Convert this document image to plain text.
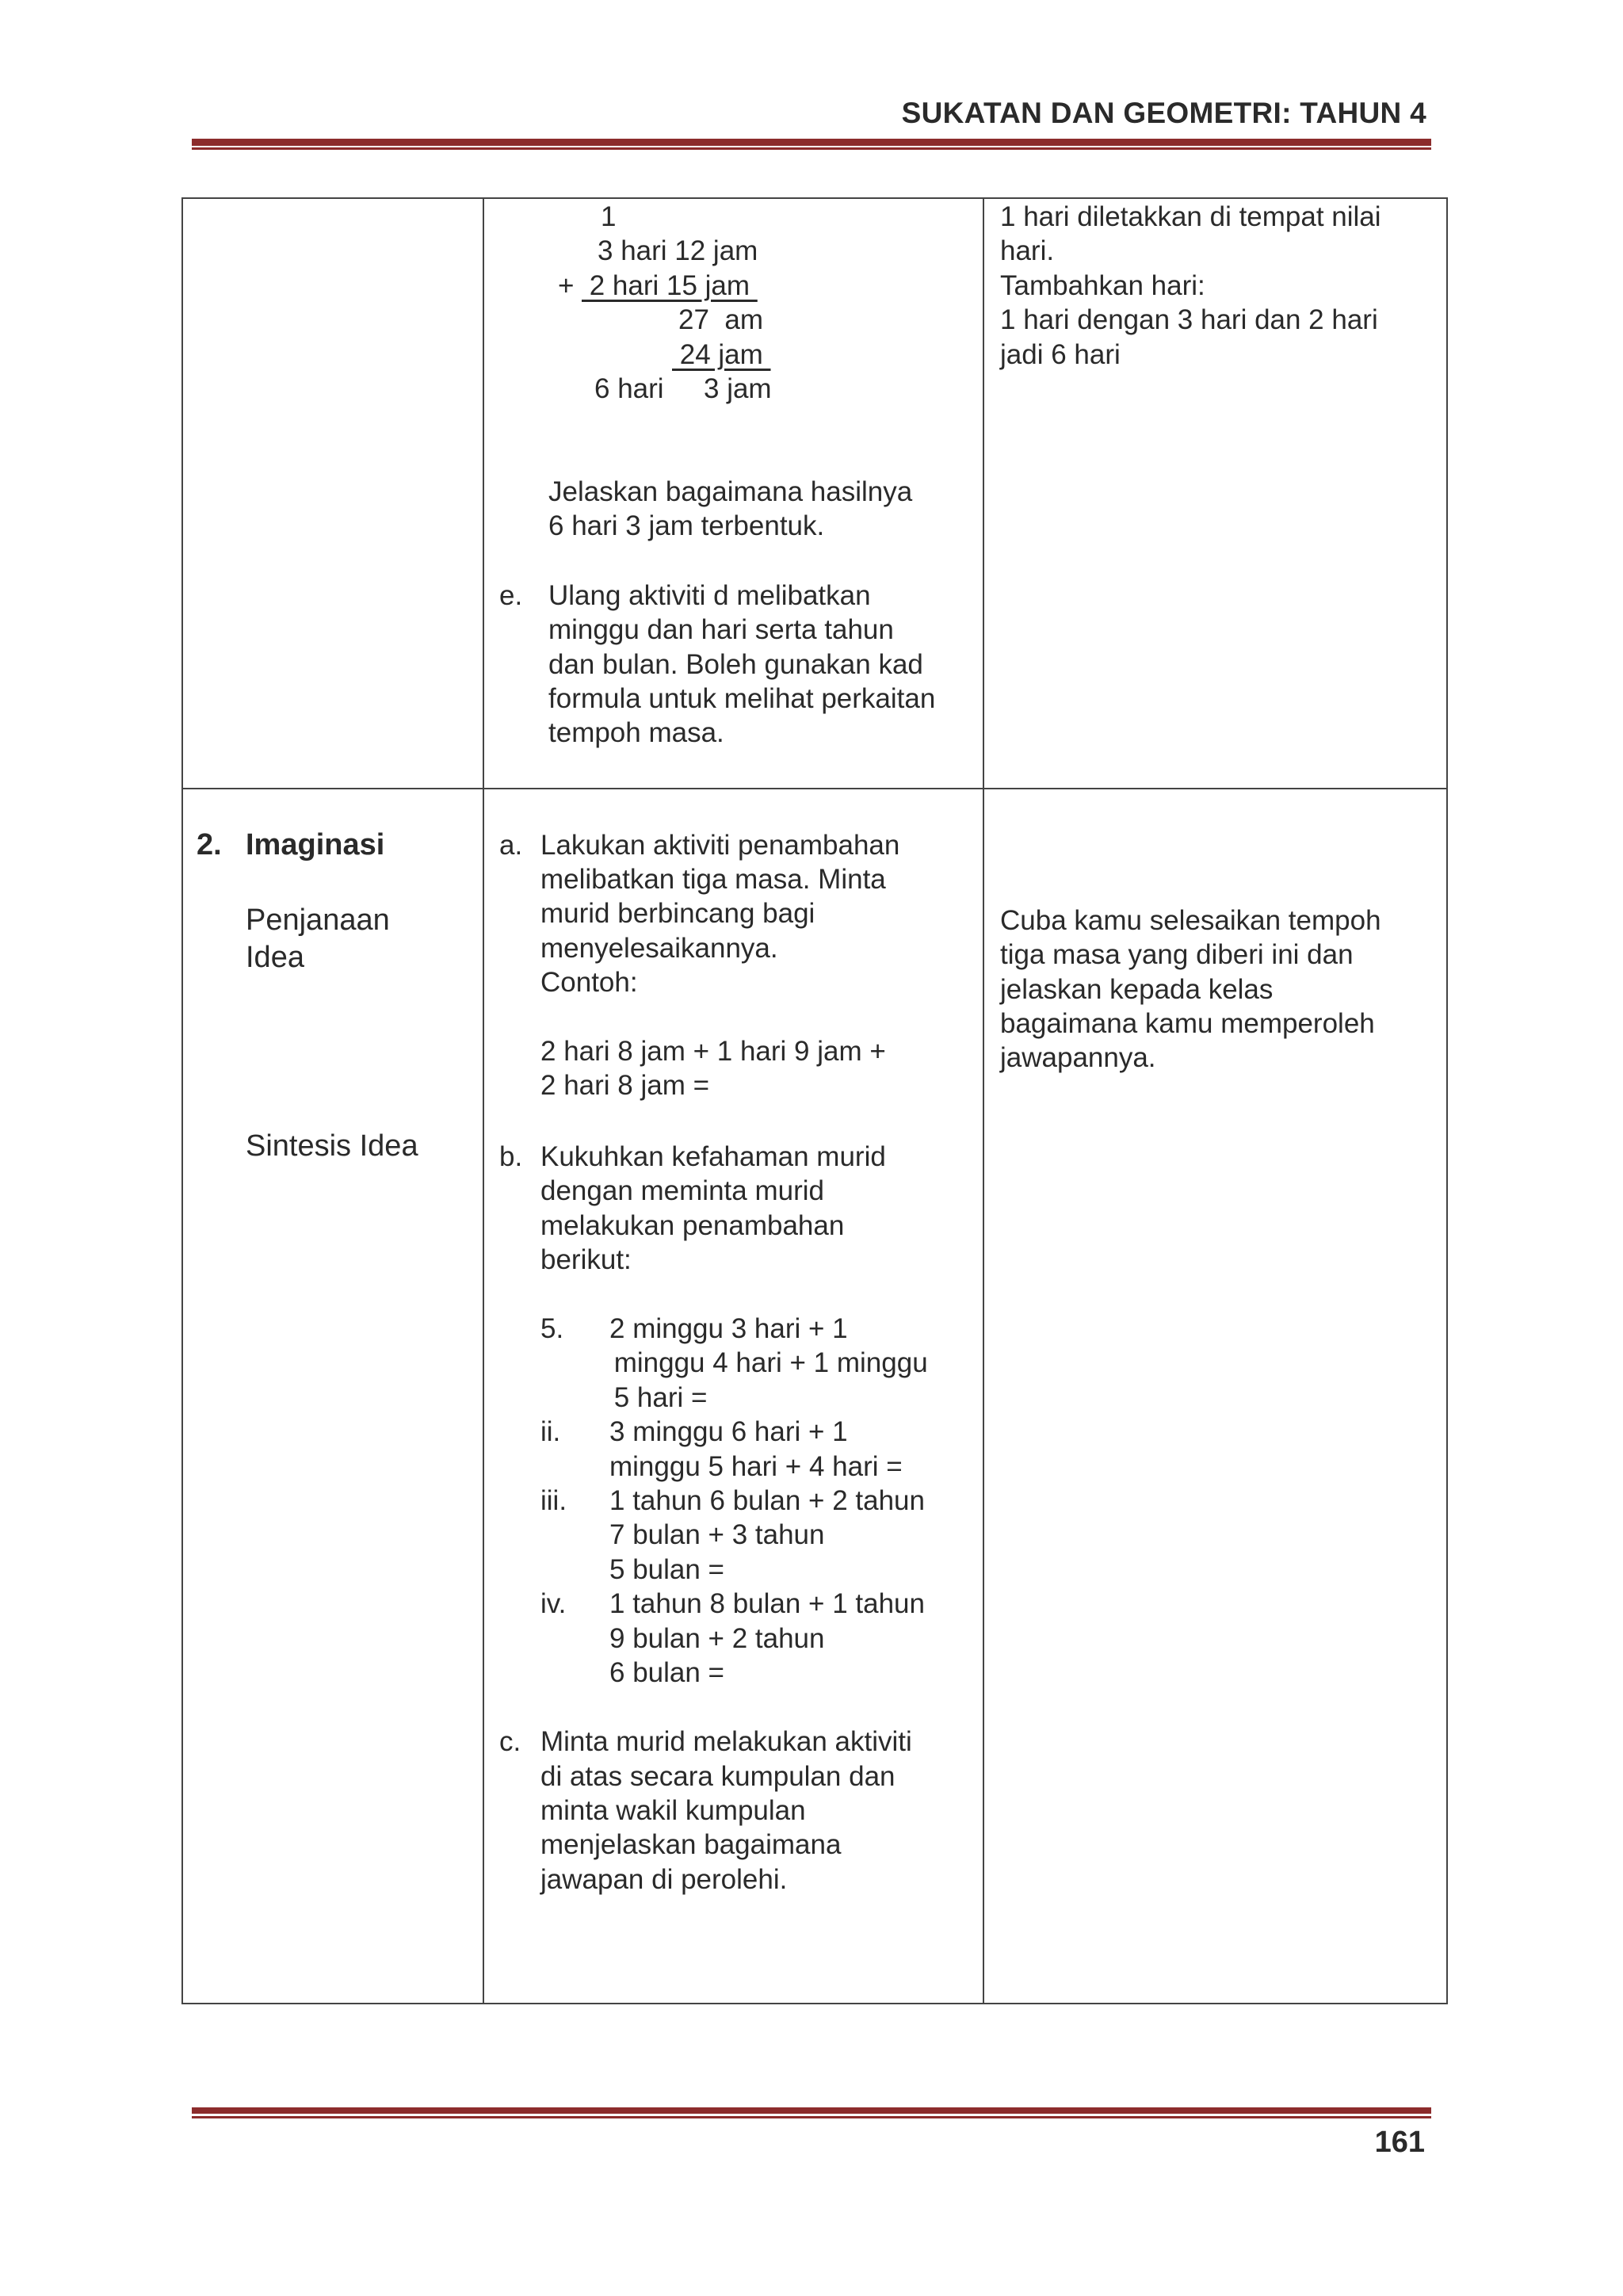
SUKATAN DAN GEOMETRI: TAHUN 4
1
3 hari 12 jam
+ 2 hari 15 jam
27  am
24 jam
6 hari 3 jam
Jelaskan bagaimana hasilnya
6 hari 3 jam terbentuk.
e. Ulang aktiviti d melibatkan
minggu dan hari serta tahun
dan bulan. Boleh gunakan kad
formula untuk melihat perkaitan
tempoh masa.
1 hari diletakkan di tempat nilai
hari.
Tambahkan hari:
1 hari dengan 3 hari dan 2 hari
jadi 6 hari
2. Imaginasi
Penjanaan
Idea
Sintesis Idea
a. Lakukan aktiviti penambahan
melibatkan tiga masa. Minta
murid berbincang bagi
menyelesaikannya.
Contoh:
2 hari 8 jam + 1 hari 9 jam +
2 hari 8 jam =
b. Kukuhkan kefahaman murid
dengan meminta murid
melakukan penambahan
berikut:
5. 2 minggu 3 hari + 1
minggu 4 hari + 1 minggu
5 hari =
ii. 3 minggu 6 hari + 1
minggu 5 hari + 4 hari =
iii. 1 tahun 6 bulan + 2 tahun
7 bulan + 3 tahun
5 bulan =
iv. 1 tahun 8 bulan + 1 tahun
9 bulan + 2 tahun
6 bulan =
c. Minta murid melakukan aktiviti
di atas secara kumpulan dan
minta wakil kumpulan
menjelaskan bagaimana
jawapan di perolehi.
Cuba kamu selesaikan tempoh
tiga masa yang diberi ini dan
jelaskan kepada kelas
bagaimana kamu memperoleh
jawapannya.
161
